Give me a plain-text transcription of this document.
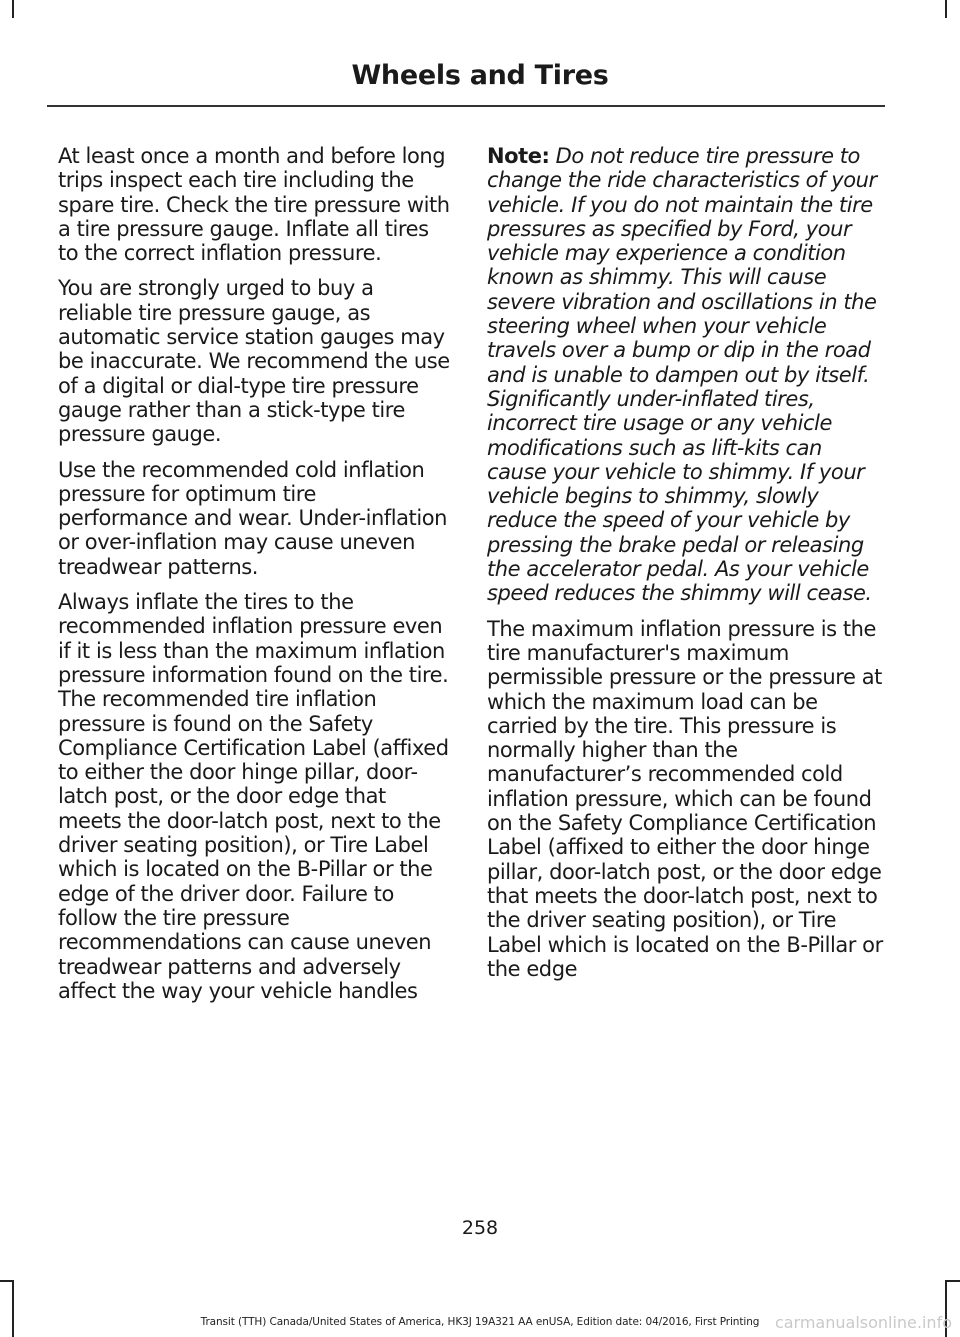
Wheels and Tires

At least once a month and before long trips inspect each tire including the spare tire. Check the tire pressure with a tire pressure gauge. Inflate all tires to the correct inflation pressure.

You are strongly urged to buy a reliable tire pressure gauge, as automatic service station gauges may be inaccurate. We recommend the use of a digital or dial-type tire pressure gauge rather than a stick-type tire pressure gauge.

Use the recommended cold inflation pressure for optimum tire performance and wear. Under-inflation or over-inflation may cause uneven treadwear patterns.

Always inflate the tires to the recommended inflation pressure even if it is less than the maximum inflation pressure information found on the tire. The recommended tire inflation pressure is found on the Safety Compliance Certification Label (affixed to either the door hinge pillar, door-latch post, or the door edge that meets the door-latch post, next to the driver seating position), or Tire Label which is located on the B-Pillar or the edge of the driver door. Failure to follow the tire pressure recommendations can cause uneven treadwear patterns and adversely affect the way your vehicle handles

Note: Do not reduce tire pressure to change the ride characteristics of your vehicle. If you do not maintain the tire pressures as specified by Ford, your vehicle may experience a condition known as shimmy. This will cause severe vibration and oscillations in the steering wheel when your vehicle travels over a bump or dip in the road and is unable to dampen out by itself. Significantly under-inflated tires, incorrect tire usage or any vehicle modifications such as lift-kits can cause your vehicle to shimmy. If your vehicle begins to shimmy, slowly reduce the speed of your vehicle by pressing the brake pedal or releasing the accelerator pedal. As your vehicle speed reduces the shimmy will cease.

The maximum inflation pressure is the tire manufacturer's maximum permissible pressure or the pressure at which the maximum load can be carried by the tire. This pressure is normally higher than the manufacturer’s recommended cold inflation pressure, which can be found on the Safety Compliance Certification Label (affixed to either the door hinge pillar, door-latch post, or the door edge that meets the door-latch post, next to the driver seating position), or Tire Label which is located on the B-Pillar or the edge

258
Transit (TTH) Canada/United States of America, HK3J 19A321 AA enUSA, Edition date: 04/2016, First Printing carmanualsonline.info
